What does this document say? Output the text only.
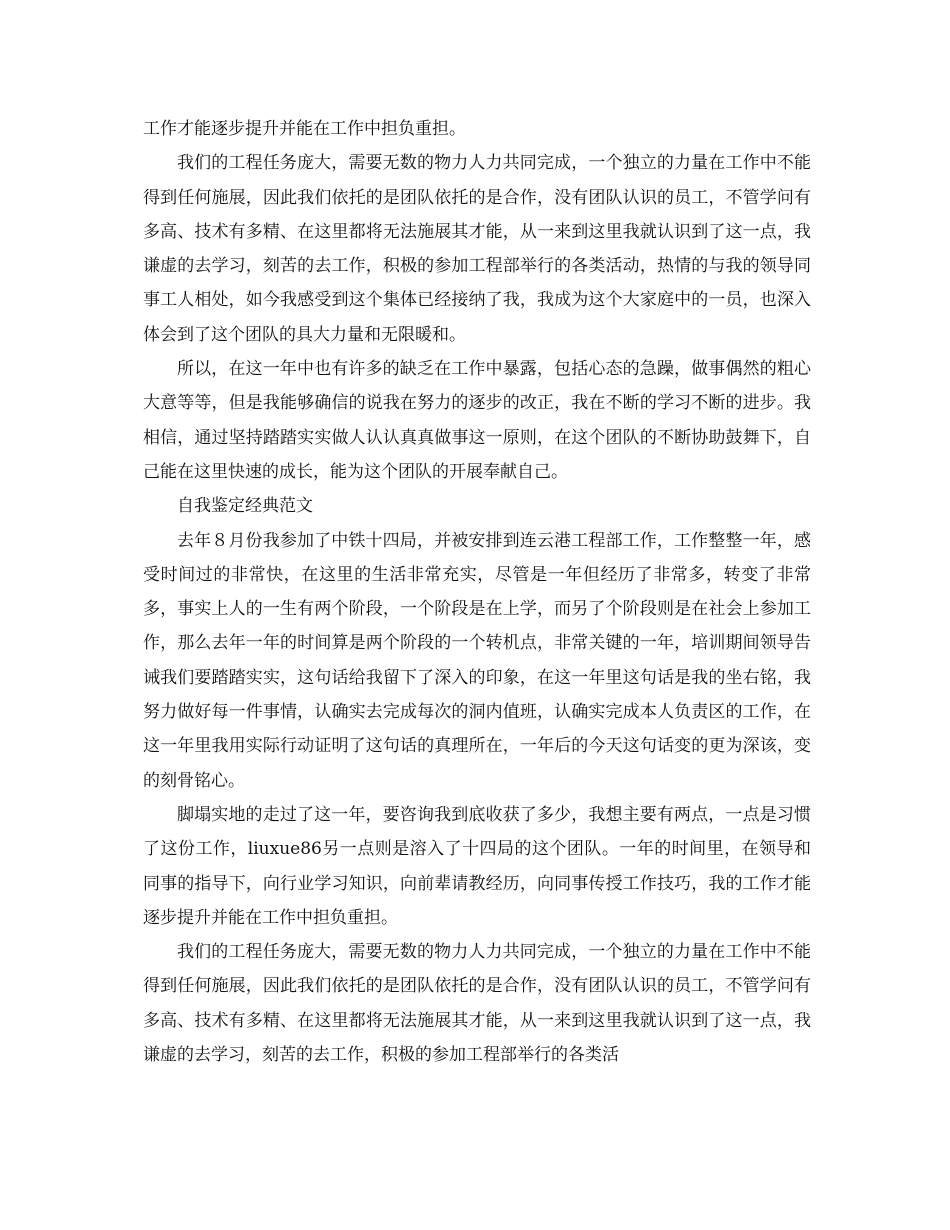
工作才能逐步提升并能在工作中担负重担。

我们的工程任务庞大，需要无数的物力人力共同完成，一个独立的力量在工作中不能得到任何施展，因此我们依托的是团队依托的是合作，没有团队认识的员工，不管学问有多高、技术有多精、在这里都将无法施展其才能，从一来到这里我就认识到了这一点，我谦虚的去学习，刻苦的去工作，积极的参加工程部举行的各类活动，热情的与我的领导同事工人相处，如今我感受到这个集体已经接纳了我，我成为这个大家庭中的一员，也深入体会到了这个团队的具大力量和无限暖和。

所以，在这一年中也有许多的缺乏在工作中暴露，包括心态的急躁，做事偶然的粗心大意等等，但是我能够确信的说我在努力的逐步的改正，我在不断的学习不断的进步。我相信，通过坚持踏踏实实做人认认真真做事这一原则，在这个团队的不断协助鼓舞下，自己能在这里快速的成长，能为这个团队的开展奉献自己。

自我鉴定经典范文

去年８月份我参加了中铁十四局，并被安排到连云港工程部工作，工作整整一年，感受时间过的非常快，在这里的生活非常充实，尽管是一年但经历了非常多，转变了非常多，事实上人的一生有两个阶段，一个阶段是在上学，而另了个阶段则是在社会上参加工作，那么去年一年的时间算是两个阶段的一个转机点，非常关键的一年，培训期间领导告诫我们要踏踏实实，这句话给我留下了深入的印象，在这一年里这句话是我的坐右铭，我努力做好每一件事情，认确实去完成每次的洞内值班，认确实完成本人负责区的工作，在这一年里我用实际行动证明了这句话的真理所在，一年后的今天这句话变的更为深该，变的刻骨铭心。

脚塌实地的走过了这一年，要咨询我到底收获了多少，我想主要有两点，一点是习惯了这份工作，liuxue86另一点则是溶入了十四局的这个团队。一年的时间里，在领导和同事的指导下，向行业学习知识，向前辈请教经历，向同事传授工作技巧，我的工作才能逐步提升并能在工作中担负重担。

我们的工程任务庞大，需要无数的物力人力共同完成，一个独立的力量在工作中不能得到任何施展，因此我们依托的是团队依托的是合作，没有团队认识的员工，不管学问有多高、技术有多精、在这里都将无法施展其才能，从一来到这里我就认识到了这一点，我谦虚的去学习，刻苦的去工作，积极的参加工程部举行的各类活
